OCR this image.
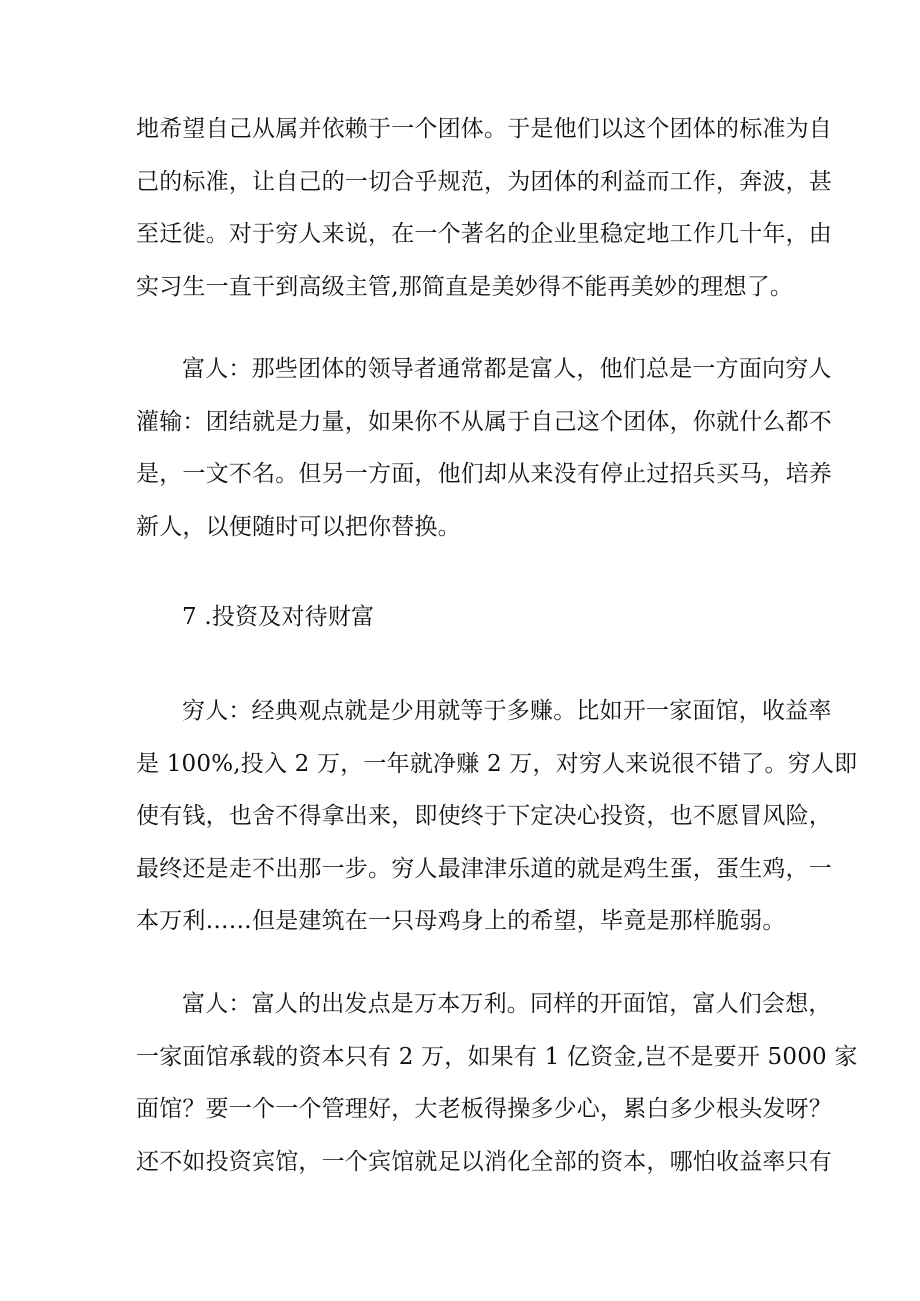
地希望自己从属并依赖于一个团体。于是他们以这个团体的标准为自
己的标准，让自己的一切合乎规范，为团体的利益而工作，奔波，甚
至迁徙。对于穷人来说，在一个著名的企业里稳定地工作几十年，由
实习生一直干到高级主管,那简直是美妙得不能再美妙的理想了。
富人：那些团体的领导者通常都是富人，他们总是一方面向穷人
灌输：团结就是力量，如果你不从属于自己这个团体，你就什么都不
是，一文不名。但另一方面，他们却从来没有停止过招兵买马，培养
新人，以便随时可以把你替换。
7 .投资及对待财富
穷人：经典观点就是少用就等于多赚。比如开一家面馆，收益率
是 100%,投入 2 万，一年就净赚 2 万，对穷人来说很不错了。穷人即
使有钱，也舍不得拿出来，即使终于下定决心投资，也不愿冒风险，
最终还是走不出那一步。穷人最津津乐道的就是鸡生蛋，蛋生鸡，一
本万利……但是建筑在一只母鸡身上的希望，毕竟是那样脆弱。
富人：富人的出发点是万本万利。同样的开面馆，富人们会想，
一家面馆承载的资本只有 2 万，如果有 1 亿资金,岂不是要开 5000 家
面馆？要一个一个管理好，大老板得操多少心，累白多少根头发呀？
还不如投资宾馆，一个宾馆就足以消化全部的资本，哪怕收益率只有
